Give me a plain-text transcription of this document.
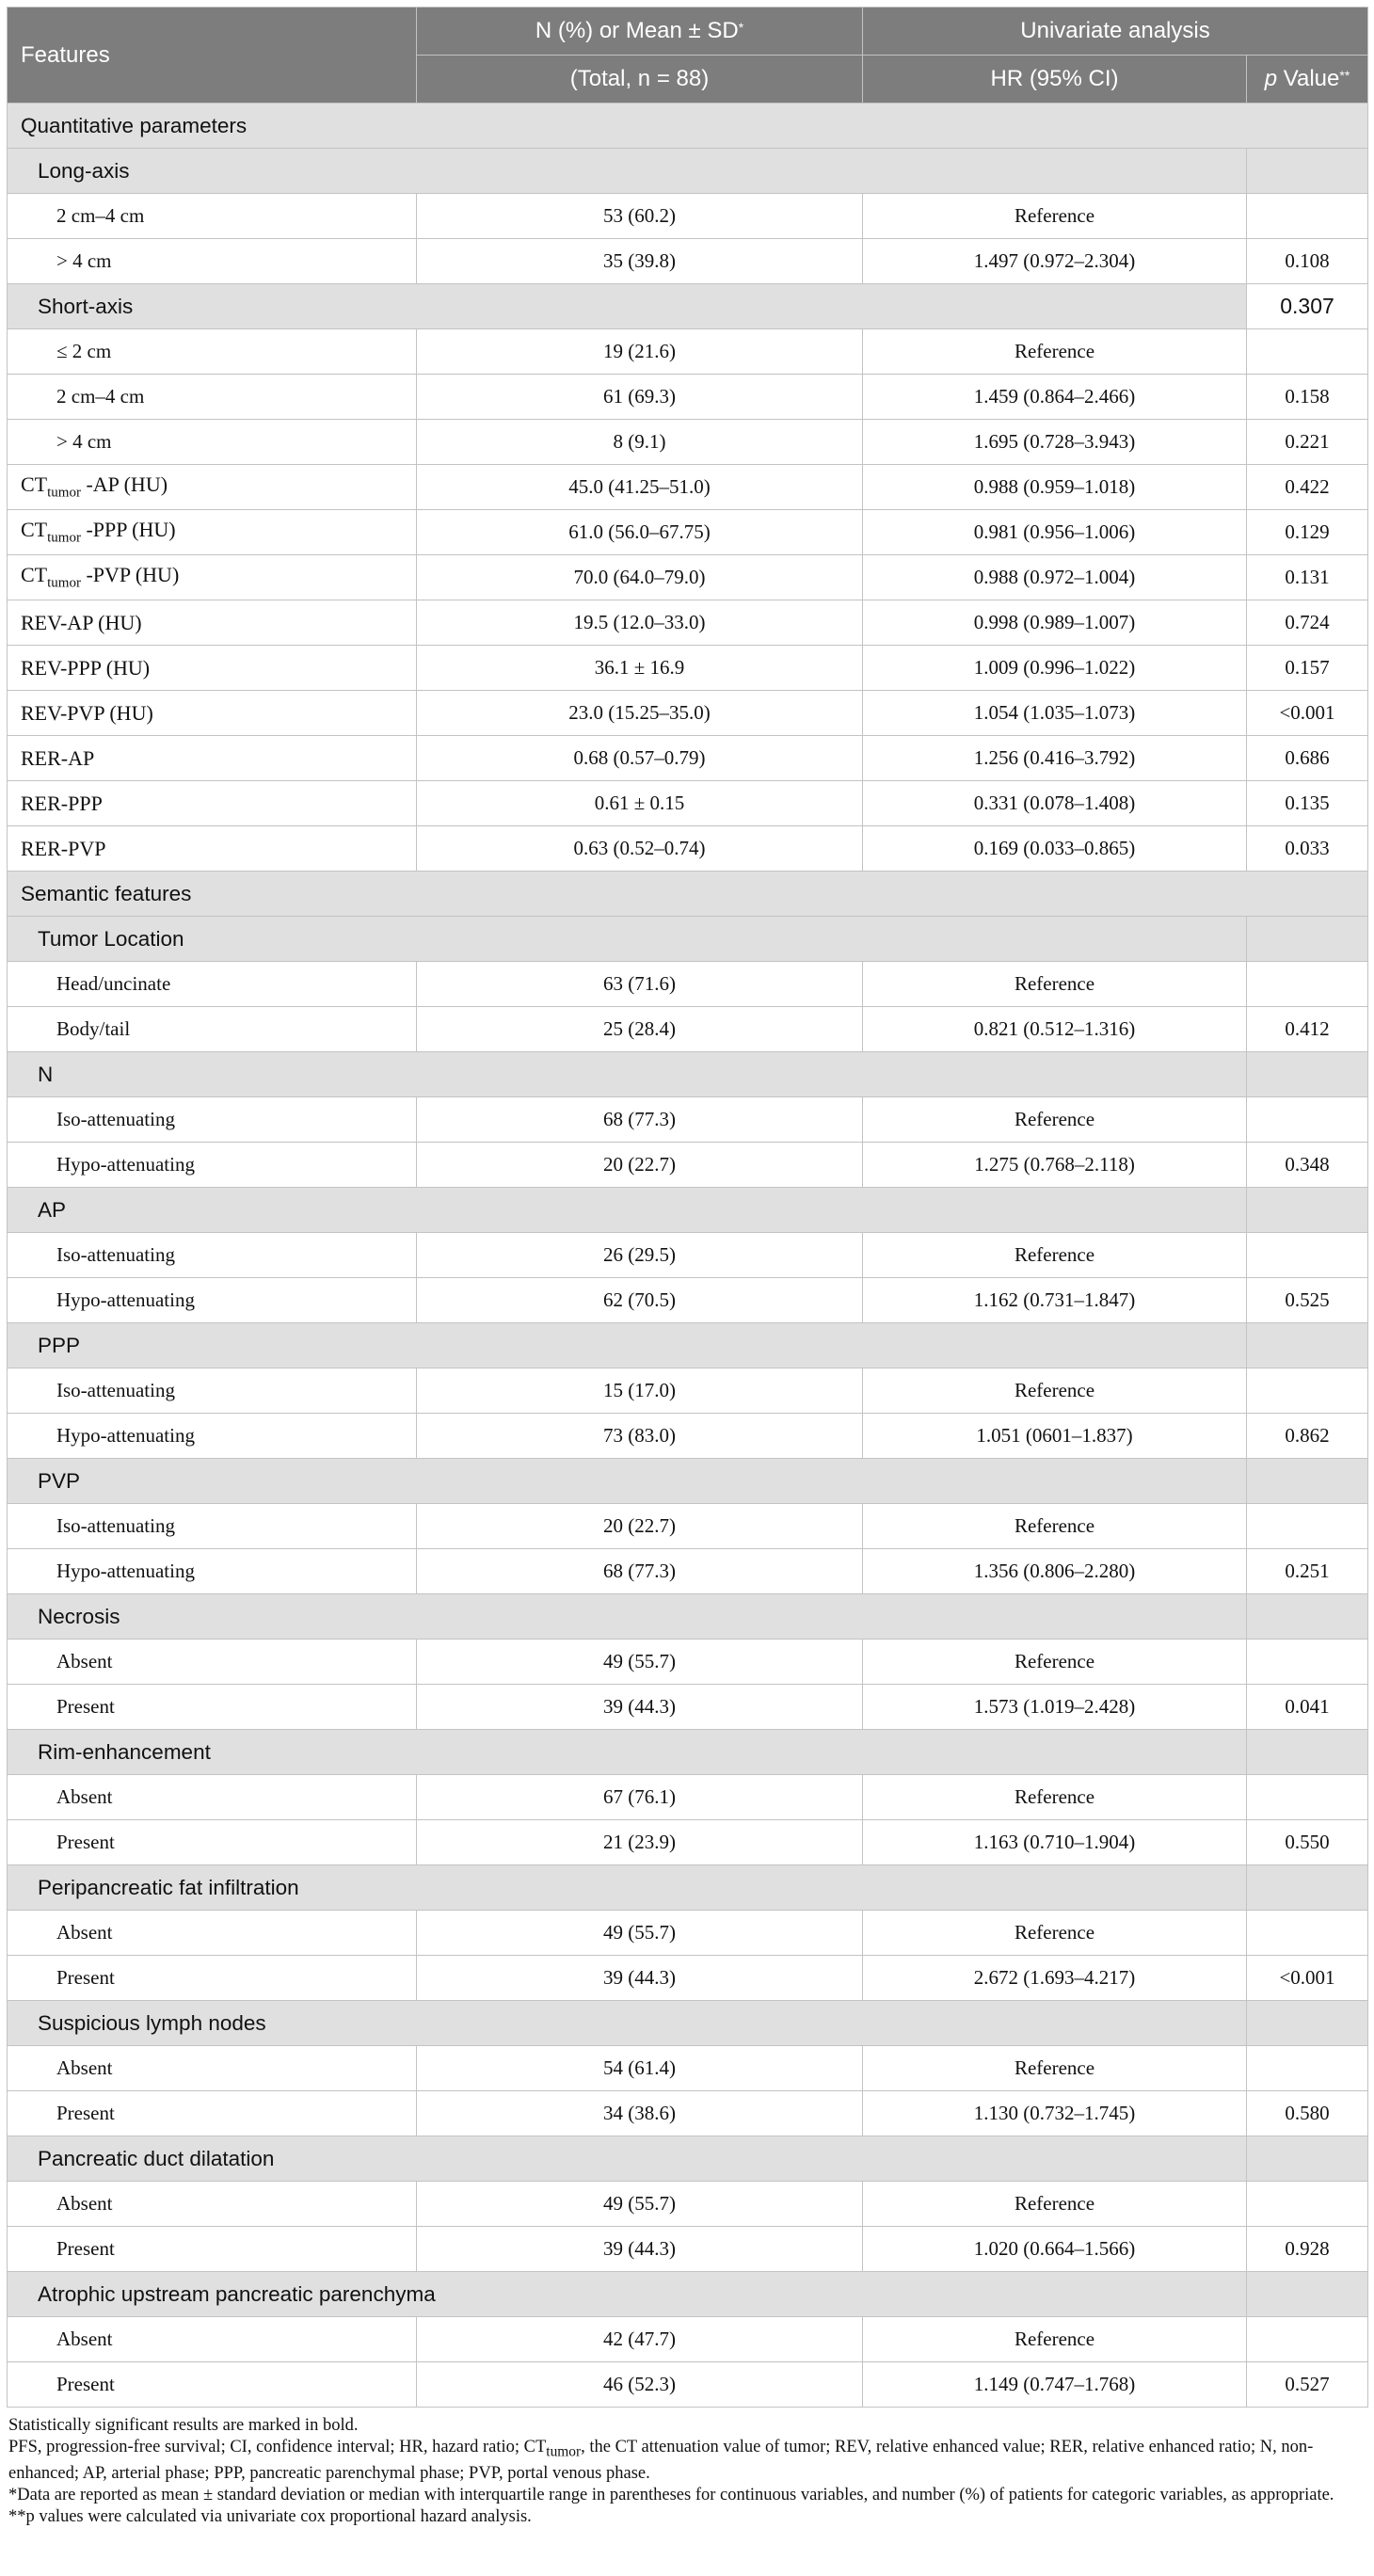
Features	N (%) or Mean ± SD*	Univariate analysis	
	(Total, n = 88)	HR (95% CI)	p Value**
Quantitative parameters			
Long-axis			
2 cm–4 cm	53 (60.2)	Reference	
> 4 cm	35 (39.8)	1.497 (0.972–2.304)	0.108
Short-axis			0.307
≤ 2 cm	19 (21.6)	Reference	
2 cm–4 cm	61 (69.3)	1.459 (0.864–2.466)	0.158
> 4 cm	8 (9.1)	1.695 (0.728–3.943)	0.221
$CT_{tumor}$ -AP (HU)	45.0 (41.25–51.0)	0.988 (0.959–1.018)	0.422
$CT_{tumor}$ -PPP (HU)	61.0 (56.0–67.75)	0.981 (0.956–1.006)	0.129
$CT_{tumor}$ -PVP (HU)	70.0 (64.0–79.0)	0.988 (0.972–1.004)	0.131
REV-AP (HU)	19.5 (12.0–33.0)	0.998 (0.989–1.007)	0.724
REV-PPP (HU)	36.1 ± 16.9	1.009 (0.996–1.022)	0.157
REV-PVP (HU)	23.0 (15.25–35.0)	1.054 (1.035–1.073)	<0.001
RER-AP	0.68 (0.57–0.79)	1.256 (0.416–3.792)	0.686
RER-PPP	0.61 ± 0.15	0.331 (0.078–1.408)	0.135
RER-PVP	0.63 (0.52–0.74)	0.169 (0.033–0.865)	0.033
Semantic features			
Tumor Location			
Head/uncinate	63 (71.6)	Reference	
Body/tail	25 (28.4)	0.821 (0.512–1.316)	0.412
N			
Iso-attenuating	68 (77.3)	Reference	
Hypo-attenuating	20 (22.7)	1.275 (0.768–2.118)	0.348
AP			
Iso-attenuating	26 (29.5)	Reference	
Hypo-attenuating	62 (70.5)	1.162 (0.731–1.847)	0.525
PPP			
Iso-attenuating	15 (17.0)	Reference	
Hypo-attenuating	73 (83.0)	1.051 (0601–1.837)	0.862
PVP			
Iso-attenuating	20 (22.7)	Reference	
Hypo-attenuating	68 (77.3)	1.356 (0.806–2.280)	0.251
Necrosis			
Absent	49 (55.7)	Reference	
Present	39 (44.3)	1.573 (1.019–2.428)	0.041
Rim-enhancement			
Absent	67 (76.1)	Reference	
Present	21 (23.9)	1.163 (0.710–1.904)	0.550
Peripancreatic fat infiltration			
Absent	49 (55.7)	Reference	
Present	39 (44.3)	2.672 (1.693–4.217)	<0.001
Suspicious lymph nodes			
Absent	54 (61.4)	Reference	
Present	34 (38.6)	1.130 (0.732–1.745)	0.580
Pancreatic duct dilatation			
Absent	49 (55.7)	Reference	
Present	39 (44.3)	1.020 (0.664–1.566)	0.928
Atrophic upstream pancreatic parenchyma			
Absent	42 (47.7)	Reference	
Present	46 (52.3)	1.149 (0.747–1.768)	0.527
Statistically significant results are marked in bold.
PFS, progression-free survival; CI, confidence interval; HR, hazard ratio; $CT_{tumor}$, the CT attenuation value of tumor; REV, relative enhanced value; RER, relative enhanced ratio; N, non-
enhanced; AP, arterial phase; PPP, pancreatic parenchymal phase; PVP, portal venous phase.
*Data are reported as mean ± standard deviation or median with interquartile range in parentheses for continuous variables, and number (%) of patients for categoric variables, as appropriate.
**p values were calculated via univariate cox proportional hazard analysis.
